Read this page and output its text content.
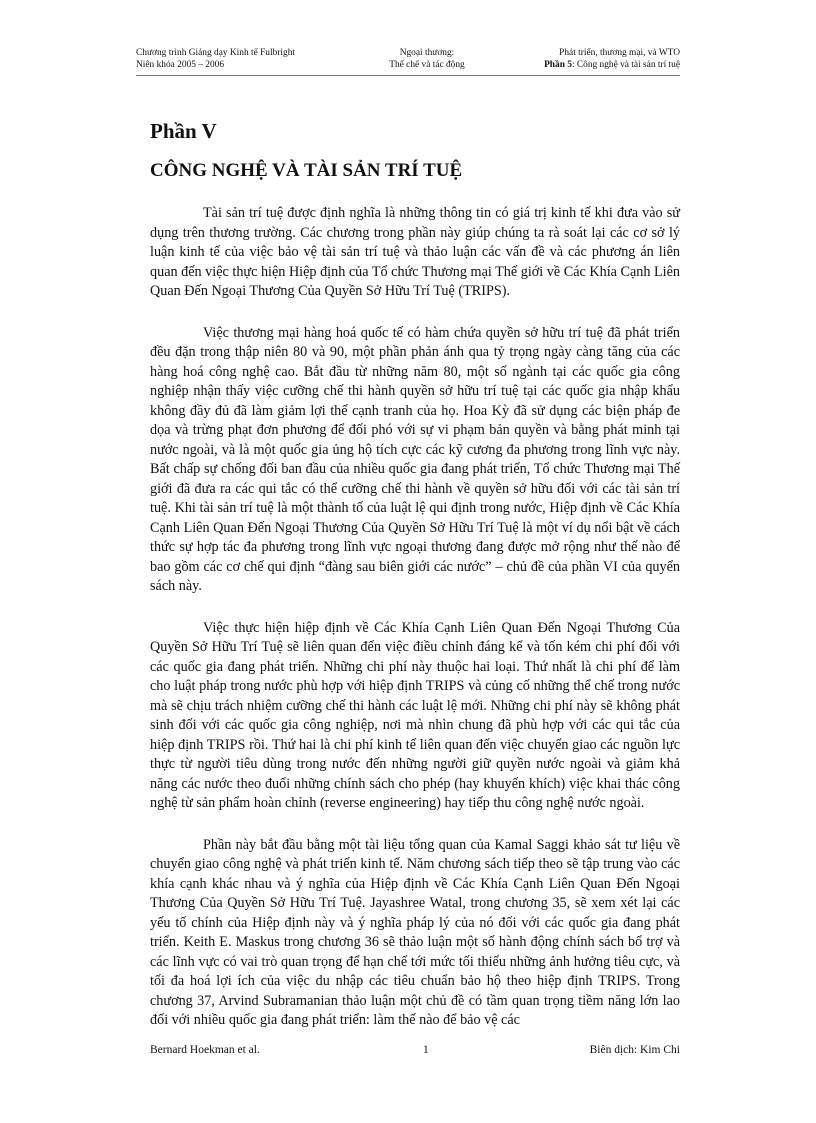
Chương trình Giảng dạy Kinh tế Fulbright
Niên khóa 2005 – 2006
Ngoại thương:
Thể chế và tác động
Phát triển, thương mại, và WTO
Phần 5: Công nghệ và tài sản trí tuệ
Phần V
CÔNG NGHỆ VÀ TÀI SẢN TRÍ TUỆ

Tài sản trí tuệ được định nghĩa là những thông tin có giá trị kinh tế khi đưa vào sử dụng trên thương trường. Các chương trong phần này giúp chúng ta rà soát lại các cơ sở lý luận kinh tế của việc bảo vệ tài sản trí tuệ và thảo luận các vấn đề và các phương án liên quan đến việc thực hiện Hiệp định của Tổ chức Thương mại Thế giới về Các Khía Cạnh Liên Quan Đến Ngoại Thương Của Quyền Sở Hữu Trí Tuệ (TRIPS).

Việc thương mại hàng hoá quốc tế có hàm chứa quyền sở hữu trí tuệ đã phát triển đều đặn trong thập niên 80 và 90, một phần phản ánh qua tỷ trọng ngày càng tăng của các hàng hoá công nghệ cao. Bắt đầu từ những năm 80, một số ngành tại các quốc gia công nghiệp nhận thấy việc cưỡng chế thi hành quyền sở hữu trí tuệ tại các quốc gia nhập khẩu không đầy đủ đã làm giảm lợi thế cạnh tranh của họ. Hoa Kỳ đã sử dụng các biện pháp đe dọa và trừng phạt đơn phương để đối phó với sự vi phạm bản quyền và bằng phát minh tại nước ngoài, và là một quốc gia ủng hộ tích cực các kỹ cương đa phương trong lĩnh vực này. Bất chấp sự chống đối ban đầu của nhiều quốc gia đang phát triển, Tổ chức Thương mại Thế giới đã đưa ra các qui tắc có thể cưỡng chế thi hành về quyền sở hữu đối với các tài sản trí tuệ. Khi tài sản trí tuệ là một thành tố của luật lệ qui định trong nước, Hiệp định về Các Khía Cạnh Liên Quan Đến Ngoại Thương Của Quyền Sở Hữu Trí Tuệ là một ví dụ nổi bật về cách thức sự hợp tác đa phương trong lĩnh vực ngoại thương đang được mở rộng như thế nào để bao gồm các cơ chế qui định “đàng sau biên giới các nước” – chủ đề của phần VI của quyển sách này.

Việc thực hiện hiệp định về Các Khía Cạnh Liên Quan Đến Ngoại Thương Của Quyền Sở Hữu Trí Tuệ sẽ liên quan đến việc điều chỉnh đáng kể và tốn kém chi phí đối với các quốc gia đang phát triển. Những chi phí này thuộc hai loại. Thứ nhất là chi phí để làm cho luật pháp trong nước phù hợp với hiệp định TRIPS và củng cố những thể chế trong nước mà sẽ chịu trách nhiệm cưỡng chế thi hành các luật lệ mới. Những chi phí này sẽ không phát sinh đối với các quốc gia công nghiệp, nơi mà nhìn chung đã phù hợp với các qui tắc của hiệp định TRIPS rồi. Thứ hai là chi phí kinh tế liên quan đến việc chuyển giao các nguồn lực thực từ người tiêu dùng trong nước đến những người giữ quyền nước ngoài và giảm khả năng các nước theo đuổi những chính sách cho phép (hay khuyến khích) việc khai thác công nghệ từ sản phẩm hoàn chỉnh (reverse engineering) hay tiếp thu công nghệ nước ngoài.

Phần này bắt đầu bằng một tài liệu tổng quan của Kamal Saggi khảo sát tư liệu về chuyển giao công nghệ và phát triển kinh tế. Năm chương sách tiếp theo sẽ tập trung vào các khía cạnh khác nhau và ý nghĩa của Hiệp định về Các Khía Cạnh Liên Quan Đến Ngoại Thương Của Quyền Sở Hữu Trí Tuệ. Jayashree Watal, trong chương 35, sẽ xem xét lại các yếu tố chính của Hiệp định này và ý nghĩa pháp lý của nó đối với các quốc gia đang phát triển. Keith E. Maskus trong chương 36 sẽ thảo luận một số hành động chính sách bổ trợ và các lĩnh vực có vai trò quan trọng để hạn chế tới mức tối thiểu những ảnh hưởng tiêu cực, và tối đa hoá lợi ích của việc du nhập các tiêu chuẩn bảo hộ theo hiệp định TRIPS. Trong chương 37, Arvind Subramanian thảo luận một chủ đề có tầm quan trọng tiềm năng lớn lao đối với nhiều quốc gia đang phát triển: làm thế nào để bảo vệ các

Bernard Hoekman et al.	1	Biên dịch: Kim Chi
